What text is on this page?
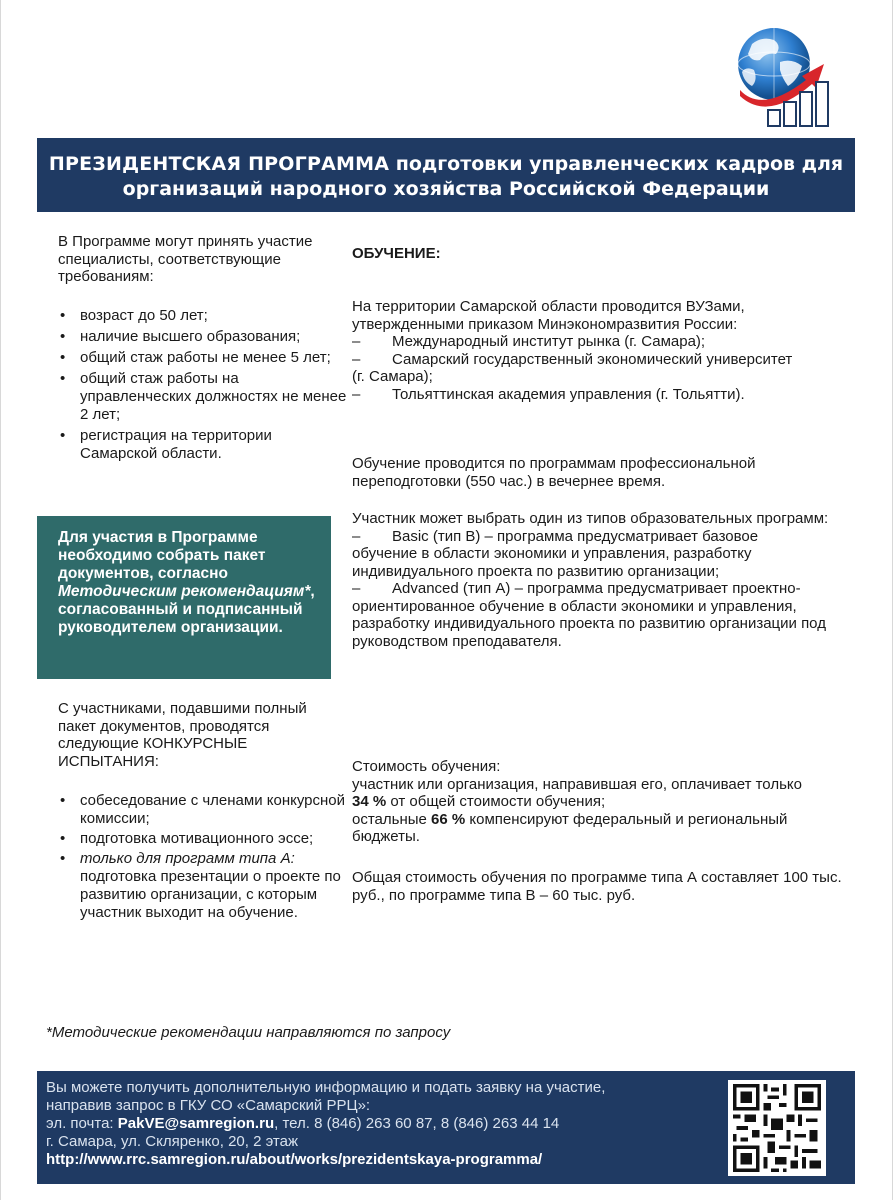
ПРЕЗИДЕНТСКАЯ ПРОГРАММА подготовки управленческих кадров для
организаций народного хозяйства Российской Федерации
В Программе могут принять участие специалисты, соответствующие требованиям:
• возраст до 50 лет;
• наличие высшего образования;
• общий стаж работы не менее 5 лет;
• общий стаж работы на управленческих должностях не менее 2 лет;
• регистрация на территории Самарской области.
Для участия в Программе необходимо собрать пакет документов, согласно Методическим рекомендациям*, согласованный и подписанный руководителем организации.
С участниками, подавшими полный пакет документов, проводятся следующие КОНКУРСНЫЕ ИСПЫТАНИЯ:
• собеседование с членами конкурсной комиссии;
• подготовка мотивационного эссе;
• только для программ типа А: подготовка презентации о проекте по развитию организации, с которым участник выходит на обучение.
ОБУЧЕНИЕ:
На территории Самарской области проводится ВУЗами, утвержденными приказом Минэкономразвития России:
–	Международный институт рынка (г. Самара);
–	Самарский государственный экономический университет
(г. Самара);
–	Тольяттинская академия управления (г. Тольятти).
Обучение проводится по программам профессиональной переподготовки (550 час.) в вечернее время.
Участник может выбрать один из типов образовательных программ:
–	Basic (тип В) – программа предусматривает базовое
обучение в области экономики и управления, разработку индивидуального проекта по развитию организации;
–	Advanced (тип А) – программа предусматривает проектно-
ориентированное обучение в области экономики и управления, разработку индивидуального проекта по развитию организации под руководством преподавателя.
Стоимость обучения:
участник или организация, направившая его, оплачивает только
34 % от общей стоимости обучения;
остальные 66 % компенсируют федеральный и региональный бюджеты.
Общая стоимость обучения по программе типа А составляет 100 тыс. руб., по программе типа В – 60 тыс. руб.
*Методические рекомендации направляются по запросу
Вы можете получить дополнительную информацию и подать заявку на участие,
направив запрос в ГКУ СО «Самарский РРЦ»:
эл. почта: PakVE@samregion.ru, тел. 8 (846) 263 60 87, 8 (846) 263 44 14
г. Самара, ул. Скляренко, 20, 2 этаж
http://www.rrc.samregion.ru/about/works/prezidentskaya-programma/
